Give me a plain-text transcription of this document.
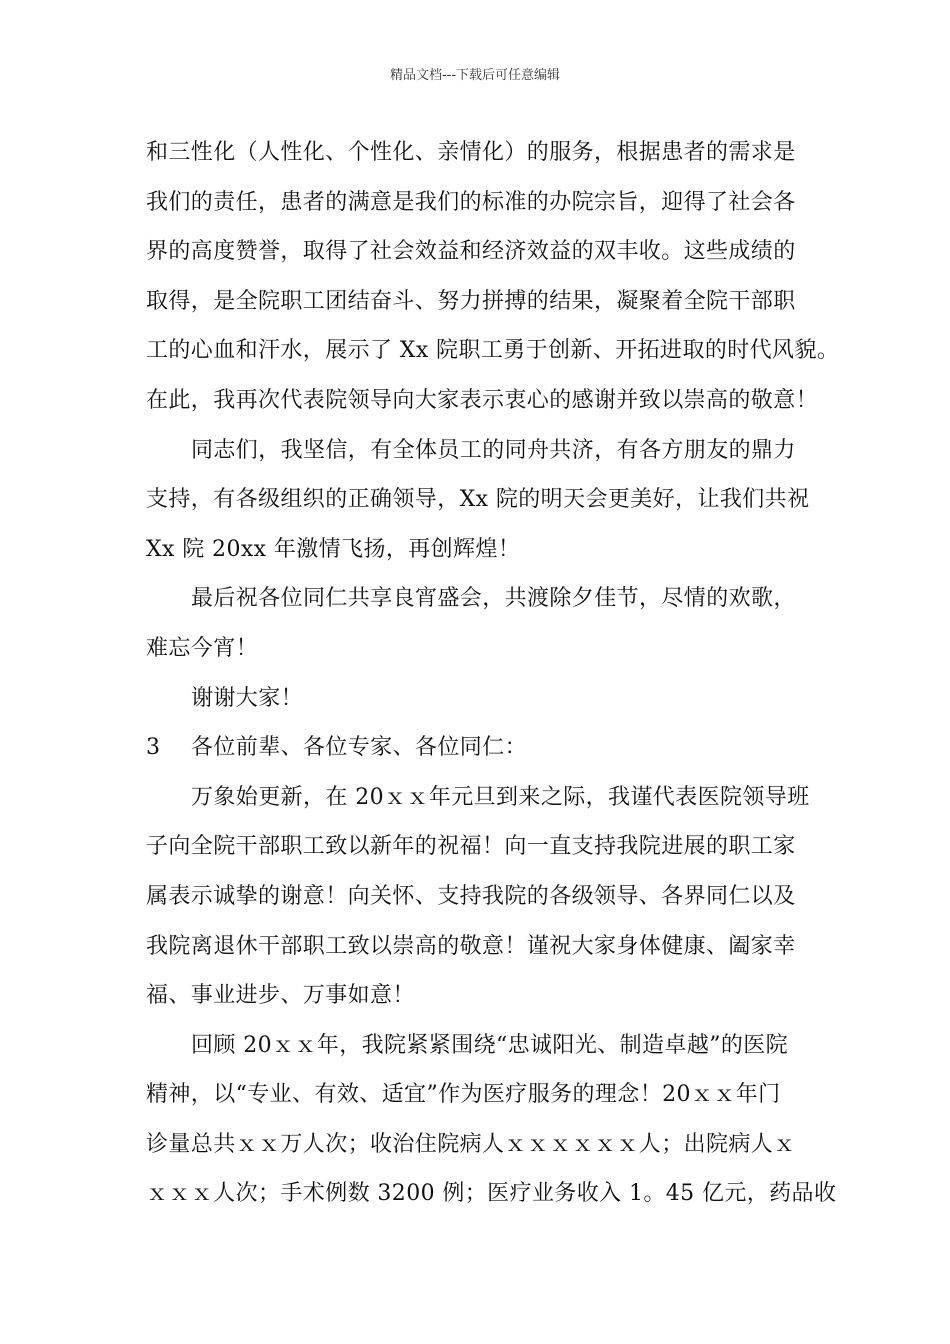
精品文档---下载后可任意编辑
和三性化（人性化、个性化、亲情化）的服务，根据患者的需求是
我们的责任，患者的满意是我们的标准的办院宗旨，迎得了社会各
界的高度赞誉，取得了社会效益和经济效益的双丰收。这些成绩的
取得，是全院职工团结奋斗、努力拼搏的结果，凝聚着全院干部职
工的心血和汗水，展示了 Xx 院职工勇于创新、开拓进取的时代风貌。
在此，我再次代表院领导向大家表示衷心的感谢并致以崇高的敬意！
同志们，我坚信，有全体员工的同舟共济，有各方朋友的鼎力
支持，有各级组织的正确领导，Xx 院的明天会更美好，让我们共祝
Xx 院 20xx 年激情飞扬，再创辉煌！
最后祝各位同仁共享良宵盛会，共渡除夕佳节，尽情的欢歌，
难忘今宵！
谢谢大家！
3	各位前辈、各位专家、各位同仁：
万象始更新，在 20ｘｘ年元旦到来之际，我谨代表医院领导班
子向全院干部职工致以新年的祝福！向一直支持我院进展的职工家
属表示诚挚的谢意！向关怀、支持我院的各级领导、各界同仁以及
我院离退休干部职工致以崇高的敬意！谨祝大家身体健康、阖家幸
福、事业进步、万事如意！
回顾 20ｘｘ年，我院紧紧围绕“忠诚阳光、制造卓越”的医院
精神，以“专业、有效、适宜”作为医疗服务的理念！20ｘｘ年门
诊量总共ｘｘ万人次；收治住院病人ｘｘｘｘｘｘ人；出院病人ｘ
ｘｘｘ人次；手术例数 3200 例；医疗业务收入 1。45 亿元，药品收
